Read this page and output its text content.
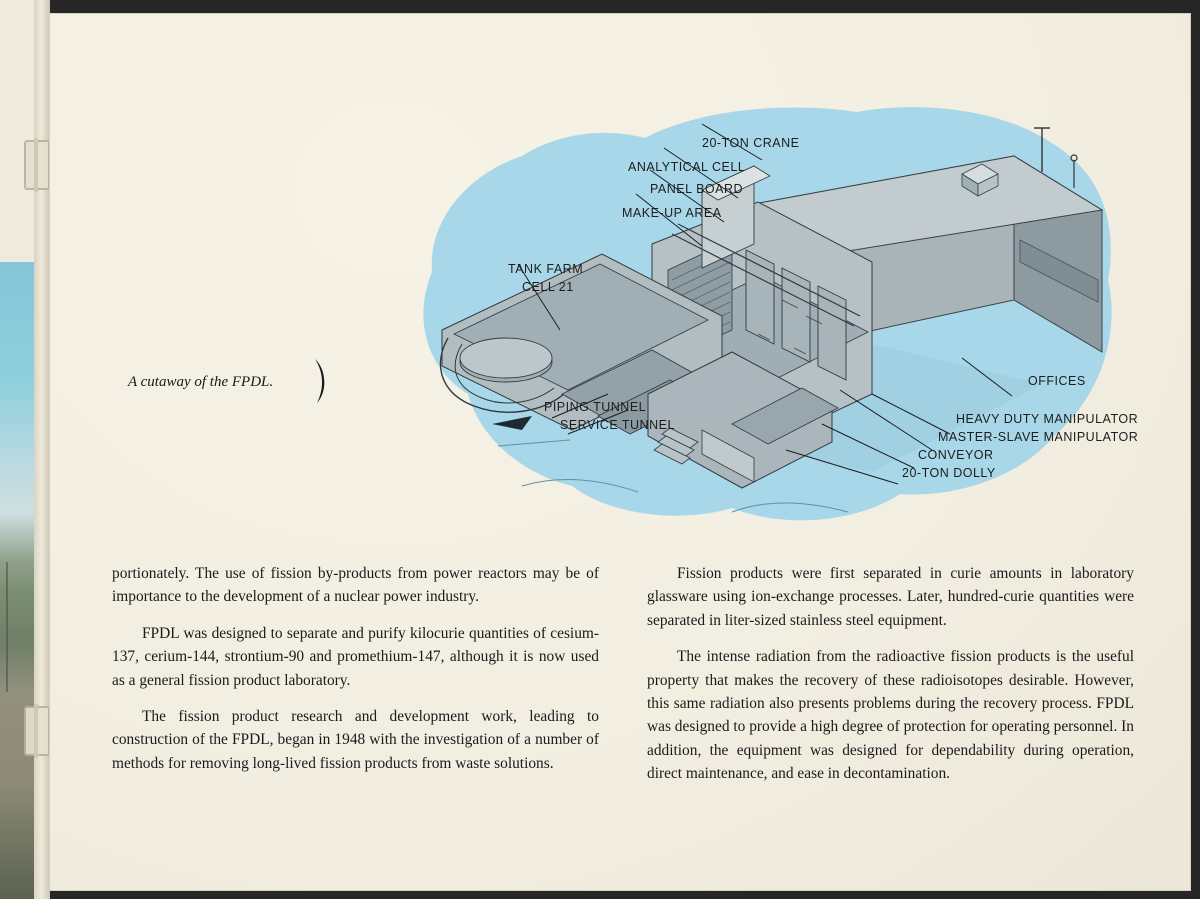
A cutaway of the FPDL.
20-TON CRANE
ANALYTICAL CELL
PANEL BOARD
MAKE-UP AREA
TANK FARM
CELL 21
PIPING TUNNEL
SERVICE TUNNEL
OFFICES
HEAVY DUTY MANIPULATOR
MASTER-SLAVE MANIPULATOR
CONVEYOR
20-TON DOLLY

portionately. The use of fission by-products from power reactors may be of importance to the development of a nuclear power industry.

FPDL was designed to separate and purify kilocurie quantities of cesium-137, cerium-144, strontium-90 and promethium-147, although it is now used as a general fission product laboratory.

The fission product research and development work, leading to construction of the FPDL, began in 1948 with the investigation of a number of methods for removing long-lived fission products from waste solutions.

Fission products were first separated in curie amounts in laboratory glassware using ion-exchange processes. Later, hundred-curie quantities were separated in liter-sized stainless steel equipment.

The intense radiation from the radioactive fission products is the useful property that makes the recovery of these radioisotopes desirable. However, this same radiation also presents problems during the recovery process. FPDL was designed to provide a high degree of protection for operating personnel. In addition, the equipment was designed for dependability during operation, direct maintenance, and ease in decontamination.
